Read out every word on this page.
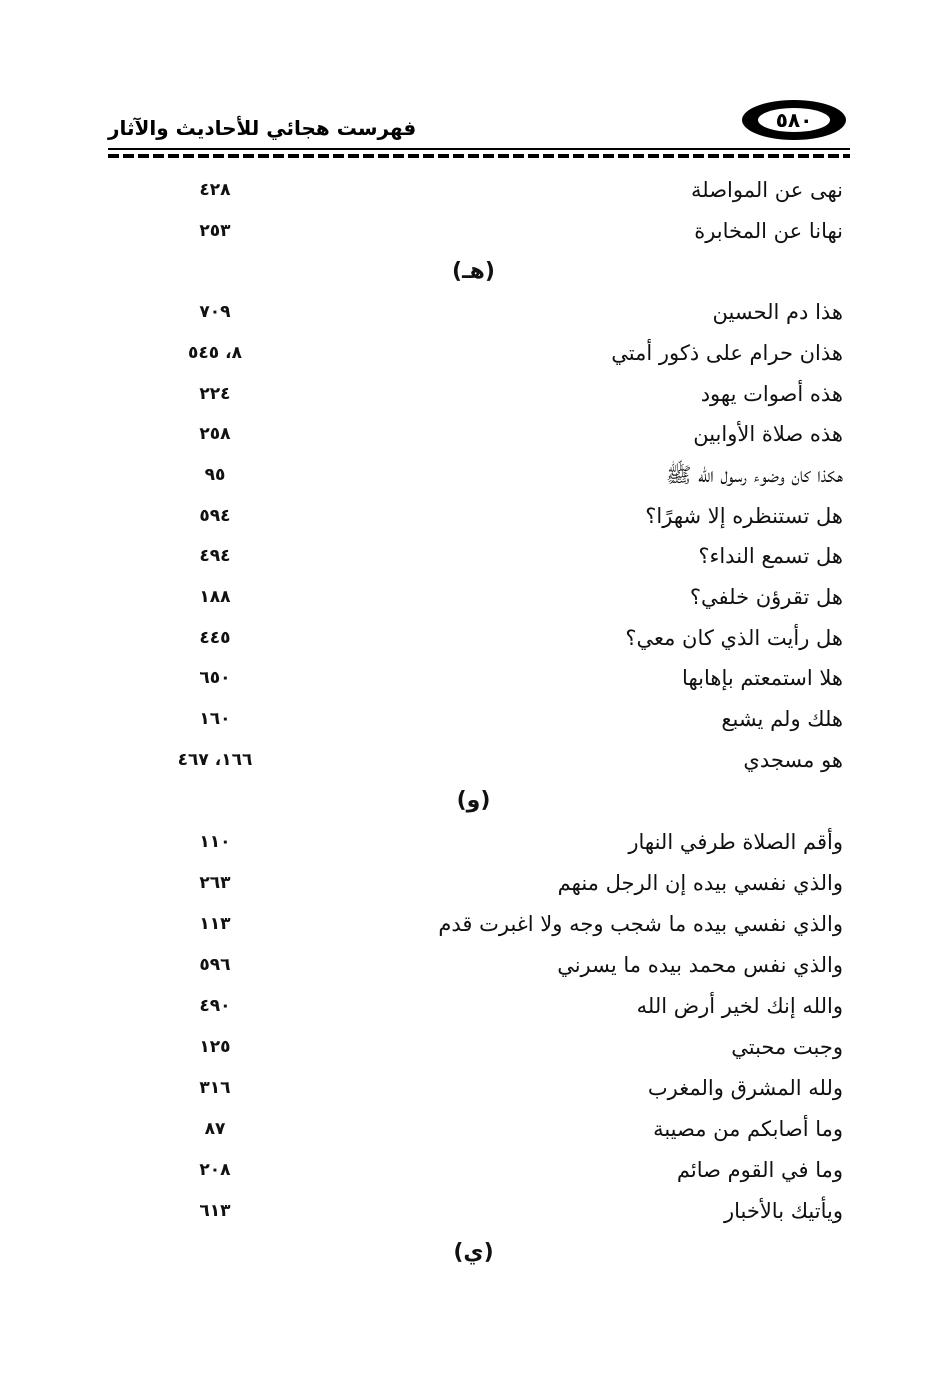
٥٨٠
فهرست هجائي للأحاديث والآثار
نهى عن المواصلة
٤٢٨
نهانا عن المخابرة
٢٥٣
(هـ)
هذا دم الحسين
٧٠٩
هذان حرام على ذكور أمتي
٨، ٥٤٥
هذه أصوات يهود
٢٢٤
هذه صلاة الأوابين
٢٥٨
هكذا كان وضوء رسول الله ﷺ
٩٥
هل تستنظره إلا شهرًا؟
٥٩٤
هل تسمع النداء؟
٤٩٤
هل تقرؤن خلفي؟
١٨٨
هل رأيت الذي كان معي؟
٤٤٥
هلا استمعتم بإهابها
٦٥٠
هلك ولم يشبع
١٦٠
هو مسجدي
١٦٦، ٤٦٧
(و)
وأقم الصلاة طرفي النهار
١١٠
والذي نفسي بيده إن الرجل منهم
٢٦٣
والذي نفسي بيده ما شجب وجه ولا اغبرت قدم
١١٣
والذي نفس محمد بيده ما يسرني
٥٩٦
والله إنك لخير أرض الله
٤٩٠
وجبت محبتي
١٢٥
ولله المشرق والمغرب
٣١٦
وما أصابكم من مصيبة
٨٧
وما في القوم صائم
٢٠٨
ويأتيك بالأخبار
٦١٣
(ي)
